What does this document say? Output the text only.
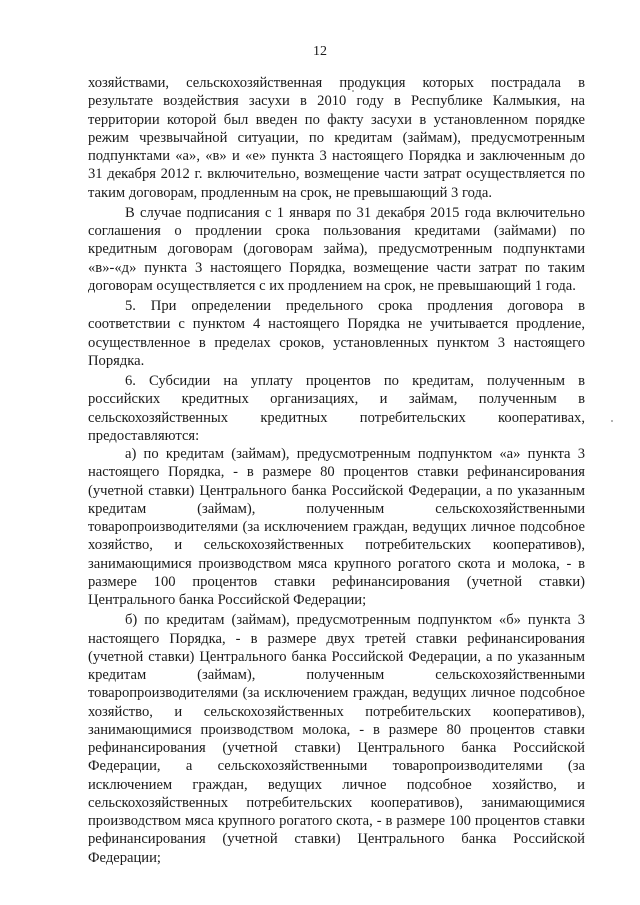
12

хозяйствами, сельскохозяйственная продукция которых пострадала в результате воздействия засухи в 2010 году в Республике Калмыкия, на территории которой был введен по факту засухи в установленном порядке режим чрезвычайной ситуации, по кредитам (займам), предусмотренным подпунктами «а», «в» и «е» пункта 3 настоящего Порядка и заключенным до 31 декабря 2012 г. включительно, возмещение части затрат осуществляется по таким договорам, продленным на срок, не превышающий 3 года.

В случае подписания с 1 января по 31 декабря 2015 года включительно соглашения о продлении срока пользования кредитами (займами) по кредитным договорам (договорам займа), предусмотренным подпунктами «в»-«д» пункта 3 настоящего Порядка, возмещение части затрат по таким договорам осуществляется с их продлением на срок, не превышающий 1 года.

5. При определении предельного срока продления договора в соответствии с пунктом 4 настоящего Порядка не учитывается продление, осуществленное в пределах сроков, установленных пунктом 3 настоящего Порядка.

6. Субсидии на уплату процентов по кредитам, полученным в российских кредитных организациях, и займам, полученным в сельскохозяйственных кредитных потребительских кооперативах, предоставляются:

а) по кредитам (займам), предусмотренным подпунктом «а» пункта 3 настоящего Порядка, - в размере 80 процентов ставки рефинансирования (учетной ставки) Центрального банка Российской Федерации, а по указанным кредитам (займам), полученным сельскохозяйственными товаропроизводителями (за исключением граждан, ведущих личное подсобное хозяйство, и сельскохозяйственных потребительских кооперативов), занимающимися производством мяса крупного рогатого скота и молока, - в размере 100 процентов ставки рефинансирования (учетной ставки) Центрального банка Российской Федерации;

б) по кредитам (займам), предусмотренным подпунктом «б» пункта 3 настоящего Порядка, - в размере двух третей ставки рефинансирования (учетной ставки) Центрального банка Российской Федерации, а по указанным кредитам (займам), полученным сельскохозяйственными товаропроизводителями (за исключением граждан, ведущих личное подсобное хозяйство, и сельскохозяйственных потребительских кооперативов), занимающимися производством молока, - в размере 80 процентов ставки рефинансирования (учетной ставки) Центрального банка Российской Федерации, а сельскохозяйственными товаропроизводителями (за исключением граждан, ведущих личное подсобное хозяйство, и сельскохозяйственных потребительских кооперативов), занимающимися производством мяса крупного рогатого скота, - в размере 100 процентов ставки рефинансирования (учетной ставки) Центрального банка Российской Федерации;
